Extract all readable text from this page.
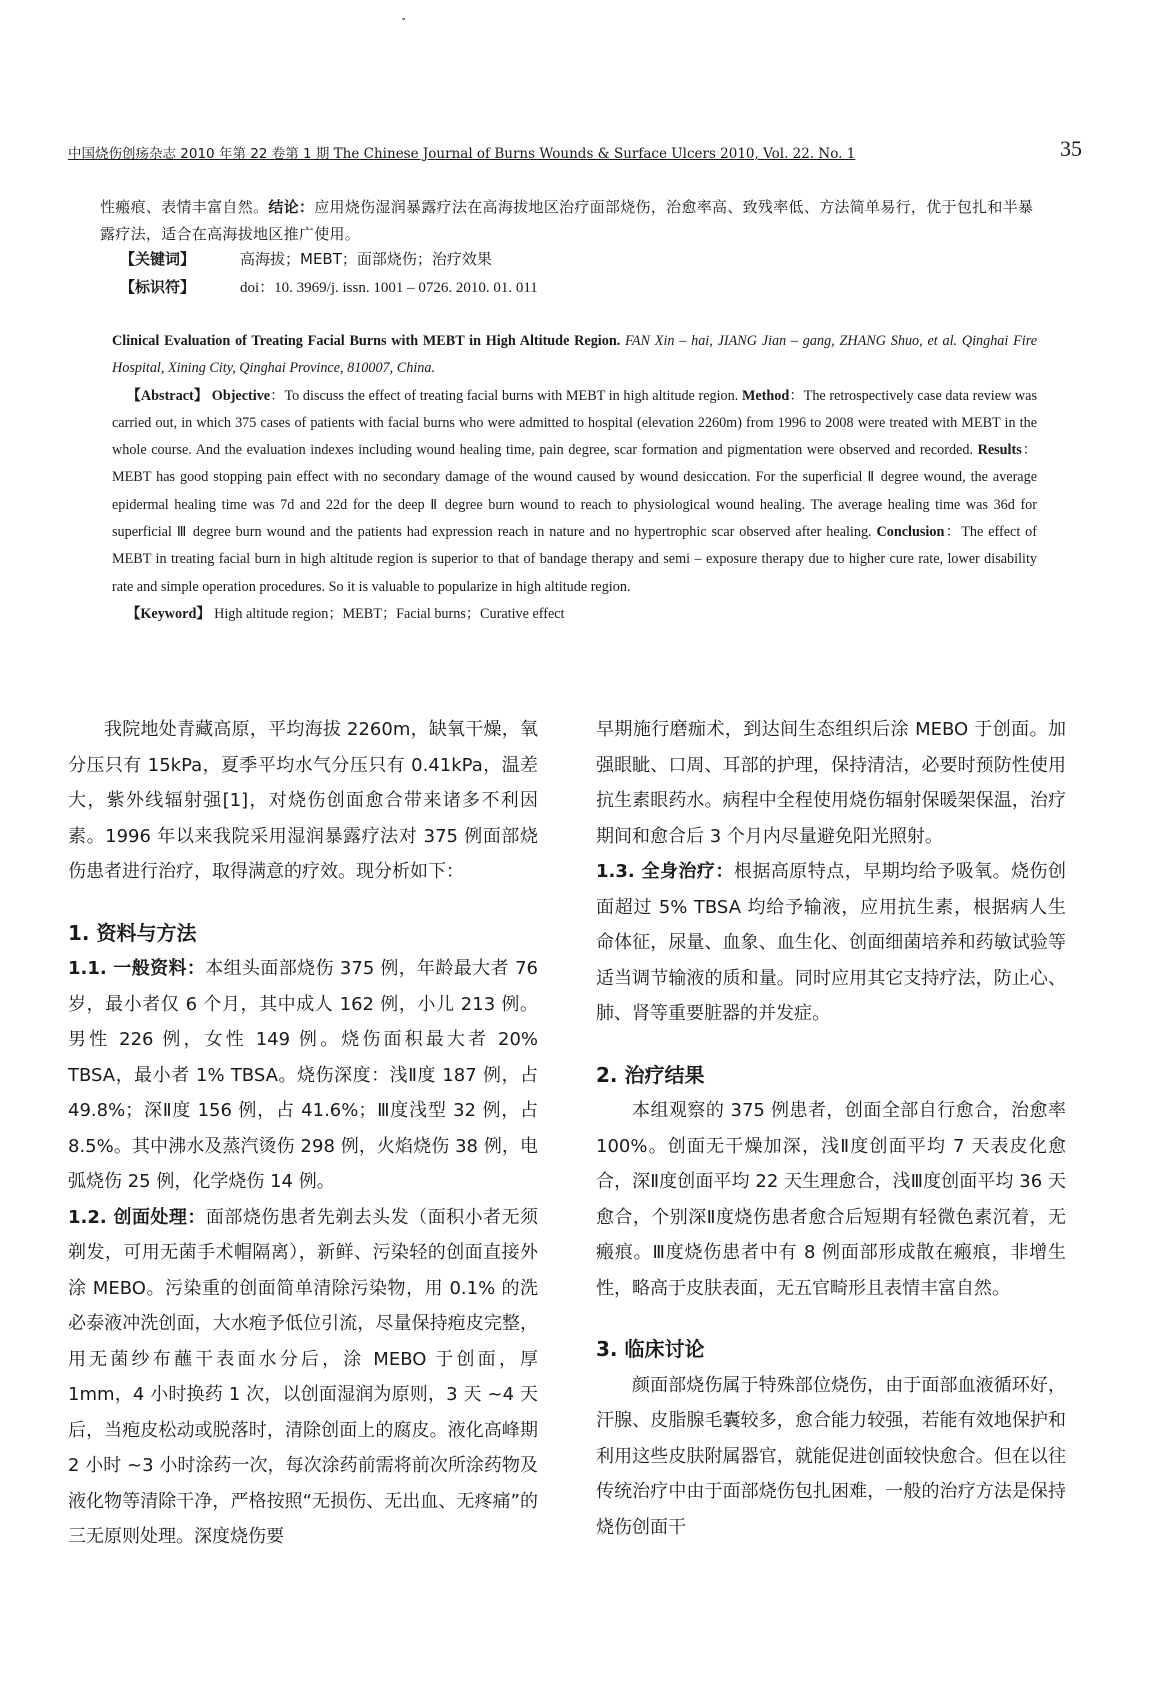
中国烧伤创疡杂志 2010 年第 22 卷第 1 期 The Chinese Journal of Burns Wounds & Surface Ulcers 2010, Vol. 22. No. 1	35
性瘢痕、表情丰富自然。结论：应用烧伤湿润暴露疗法在高海拔地区治疗面部烧伤，治愈率高、致残率低、方法简单易行，优于包扎和半暴露疗法，适合在高海拔地区推广使用。
【关键词】	高海拔；MEBT；面部烧伤；治疗效果
【标识符】	doi：10. 3969/j. issn. 1001 – 0726. 2010. 01. 011
Clinical Evaluation of Treating Facial Burns with MEBT in High Altitude Region. FAN Xin – hai, JIANG Jian – gang, ZHANG Shuo, et al. Qinghai Fire Hospital, Xining City, Qinghai Province, 810007, China.
【Abstract】 Objective：To discuss the effect of treating facial burns with MEBT in high altitude region. Method：The retrospectively case data review was carried out, in which 375 cases of patients with facial burns who were admitted to hospital (elevation 2260m) from 1996 to 2008 were treated with MEBT in the whole course. And the evaluation indexes including wound healing time, pain degree, scar formation and pigmentation were observed and recorded. Results：MEBT has good stopping pain effect with no secondary damage of the wound caused by wound desiccation. For the superficial Ⅱ degree wound, the average epidermal healing time was 7d and 22d for the deep Ⅱ degree burn wound to reach to physiological wound healing. The average healing time was 36d for superficial Ⅲ degree burn wound and the patients had expression reach in nature and no hypertrophic scar observed after healing. Conclusion：The effect of MEBT in treating facial burn in high altitude region is superior to that of bandage therapy and semi – exposure therapy due to higher cure rate, lower disability rate and simple operation procedures. So it is valuable to popularize in high altitude region.
【Keyword】 High altitude region；MEBT；Facial burns；Curative effect

我院地处青藏高原，平均海拔 2260m，缺氧干燥，氧分压只有 15kPa，夏季平均水气分压只有 0.41kPa，温差大，紫外线辐射强[1]，对烧伤创面愈合带来诸多不利因素。1996 年以来我院采用湿润暴露疗法对 375 例面部烧伤患者进行治疗，取得满意的疗效。现分析如下：

1. 资料与方法

1.1. 一般资料：本组头面部烧伤 375 例，年龄最大者 76 岁，最小者仅 6 个月，其中成人 162 例，小儿 213 例。男性 226 例，女性 149 例。烧伤面积最大者 20% TBSA，最小者 1% TBSA。烧伤深度：浅Ⅱ度 187 例，占 49.8%；深Ⅱ度 156 例，占 41.6%；Ⅲ度浅型 32 例，占 8.5%。其中沸水及蒸汽烫伤 298 例，火焰烧伤 38 例，电弧烧伤 25 例，化学烧伤 14 例。

1.2. 创面处理：面部烧伤患者先剃去头发（面积小者无须剃发，可用无菌手术帽隔离），新鲜、污染轻的创面直接外涂 MEBO。污染重的创面简单清除污染物，用 0.1% 的洗必泰液冲洗创面，大水疱予低位引流，尽量保持疱皮完整，用无菌纱布蘸干表面水分后，涂 MEBO 于创面，厚 1mm，4 小时换药 1 次，以创面湿润为原则，3 天 ~4 天后，当疱皮松动或脱落时，清除创面上的腐皮。液化高峰期 2 小时 ~3 小时涂药一次，每次涂药前需将前次所涂药物及液化物等清除干净，严格按照“无损伤、无出血、无疼痛”的三无原则处理。深度烧伤要

早期施行磨痂术，到达间生态组织后涂 MEBO 于创面。加强眼眦、口周、耳部的护理，保持清洁，必要时预防性使用抗生素眼药水。病程中全程使用烧伤辐射保暖架保温，治疗期间和愈合后 3 个月内尽量避免阳光照射。

1.3. 全身治疗：根据高原特点，早期均给予吸氧。烧伤创面超过 5% TBSA 均给予输液，应用抗生素，根据病人生命体征，尿量、血象、血生化、创面细菌培养和药敏试验等适当调节输液的质和量。同时应用其它支持疗法，防止心、肺、肾等重要脏器的并发症。

2. 治疗结果

本组观察的 375 例患者，创面全部自行愈合，治愈率 100%。创面无干燥加深，浅Ⅱ度创面平均 7 天表皮化愈合，深Ⅱ度创面平均 22 天生理愈合，浅Ⅲ度创面平均 36 天愈合，个别深Ⅱ度烧伤患者愈合后短期有轻微色素沉着，无瘢痕。Ⅲ度烧伤患者中有 8 例面部形成散在瘢痕，非增生性，略高于皮肤表面，无五官畸形且表情丰富自然。

3. 临床讨论

颜面部烧伤属于特殊部位烧伤，由于面部血液循环好，汗腺、皮脂腺毛囊较多，愈合能力较强，若能有效地保护和利用这些皮肤附属器官，就能促进创面较快愈合。但在以往传统治疗中由于面部烧伤包扎困难，一般的治疗方法是保持烧伤创面干
